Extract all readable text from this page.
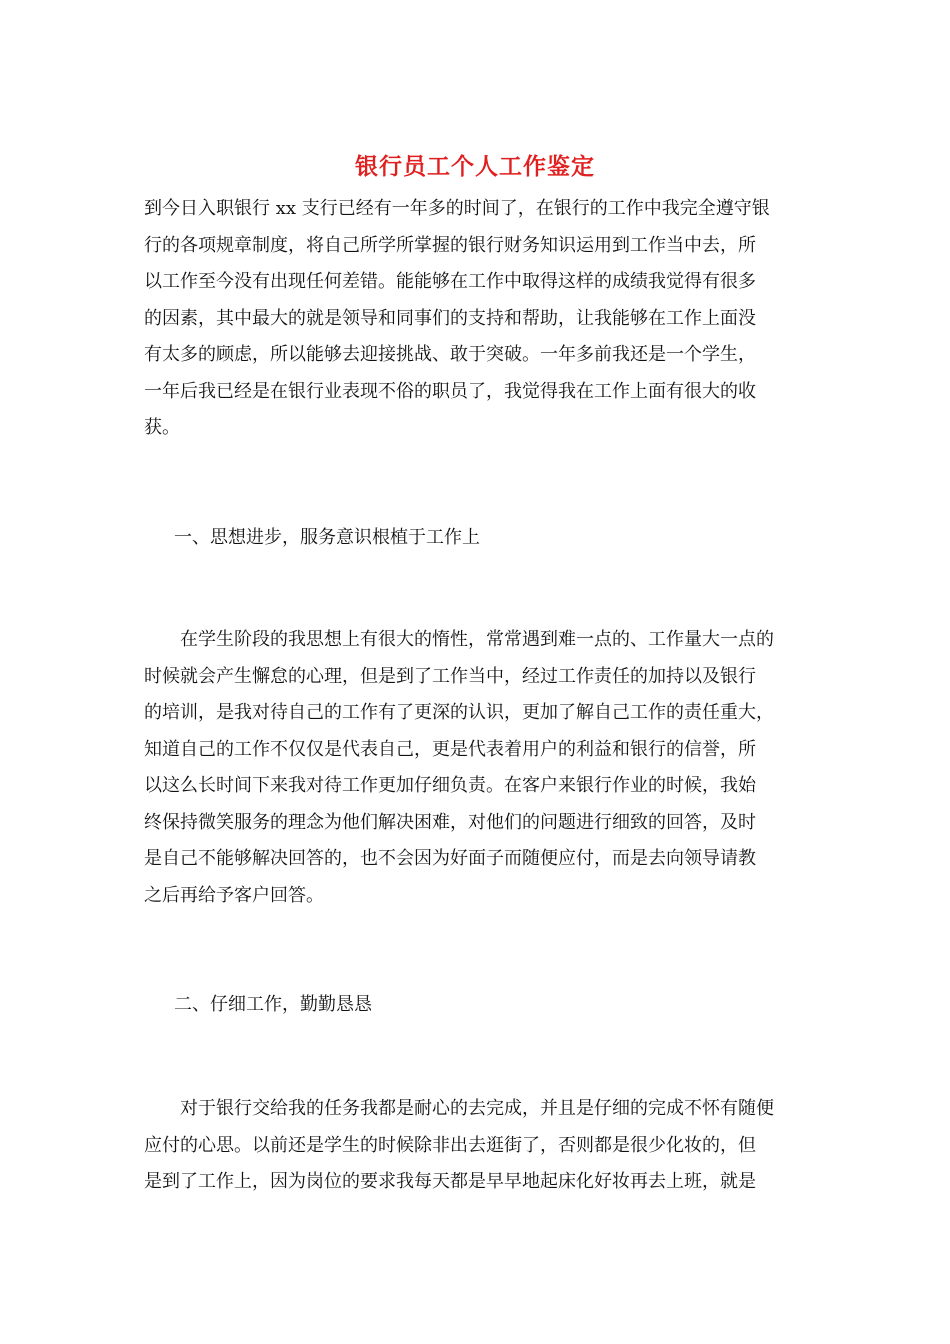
银行员工个人工作鉴定
到今日入职银行 xx 支行已经有一年多的时间了，在银行的工作中我完全遵守银
行的各项规章制度，将自己所学所掌握的银行财务知识运用到工作当中去，所
以工作至今没有出现任何差错。能能够在工作中取得这样的成绩我觉得有很多
的因素，其中最大的就是领导和同事们的支持和帮助，让我能够在工作上面没
有太多的顾虑，所以能够去迎接挑战、敢于突破。一年多前我还是一个学生，
一年后我已经是在银行业表现不俗的职员了，我觉得我在工作上面有很大的收
获。
一、思想进步，服务意识根植于工作上
　　在学生阶段的我思想上有很大的惰性，常常遇到难一点的、工作量大一点的
时候就会产生懈怠的心理，但是到了工作当中，经过工作责任的加持以及银行
的培训，是我对待自己的工作有了更深的认识，更加了解自己工作的责任重大，
知道自己的工作不仅仅是代表自己，更是代表着用户的利益和银行的信誉，所
以这么长时间下来我对待工作更加仔细负责。在客户来银行作业的时候，我始
终保持微笑服务的理念为他们解决困难，对他们的问题进行细致的回答，及时
是自己不能够解决回答的，也不会因为好面子而随便应付，而是去向领导请教
之后再给予客户回答。
二、仔细工作，勤勤恳恳
　　对于银行交给我的任务我都是耐心的去完成，并且是仔细的完成不怀有随便
应付的心思。以前还是学生的时候除非出去逛街了，否则都是很少化妆的，但
是到了工作上，因为岗位的要求我每天都是早早地起床化好妆再去上班，就是
